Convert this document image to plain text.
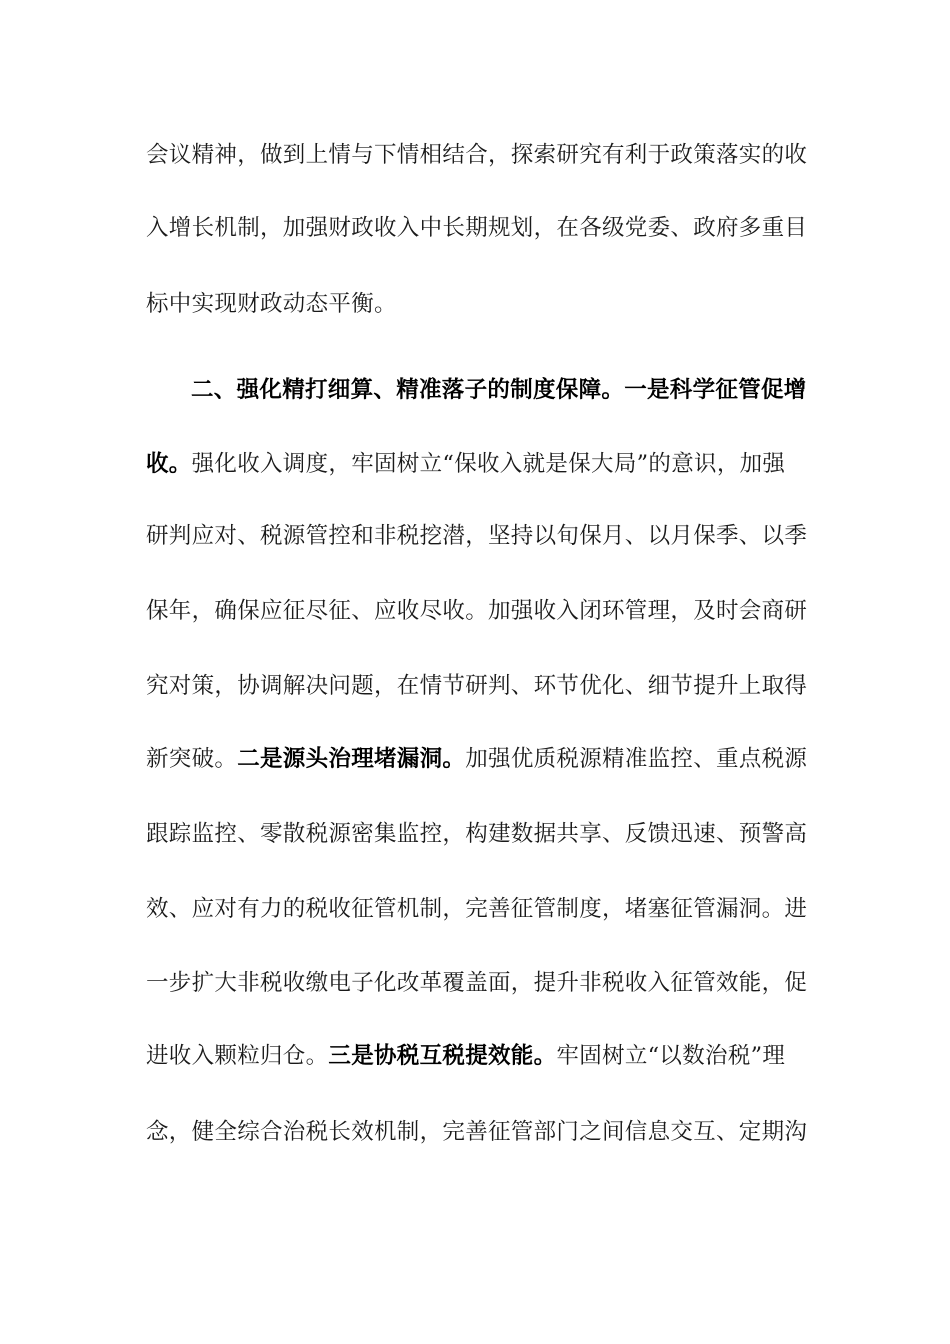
会议精神，做到上情与下情相结合，探索研究有利于政策落实的收
入增长机制，加强财政收入中长期规划，在各级党委、政府多重目
标中实现财政动态平衡。
二、强化精打细算、精准落子的制度保障。一是科学征管促增
收。强化收入调度，牢固树立“保收入就是保大局”的意识，加强
研判应对、税源管控和非税挖潜，坚持以旬保月、以月保季、以季
保年，确保应征尽征、应收尽收。加强收入闭环管理，及时会商研
究对策，协调解决问题，在情节研判、环节优化、细节提升上取得
新突破。二是源头治理堵漏洞。加强优质税源精准监控、重点税源
跟踪监控、零散税源密集监控，构建数据共享、反馈迅速、预警高
效、应对有力的税收征管机制，完善征管制度，堵塞征管漏洞。进
一步扩大非税收缴电子化改革覆盖面，提升非税收入征管效能，促
进收入颗粒归仓。三是协税互税提效能。牢固树立“以数治税”理
念，健全综合治税长效机制，完善征管部门之间信息交互、定期沟
